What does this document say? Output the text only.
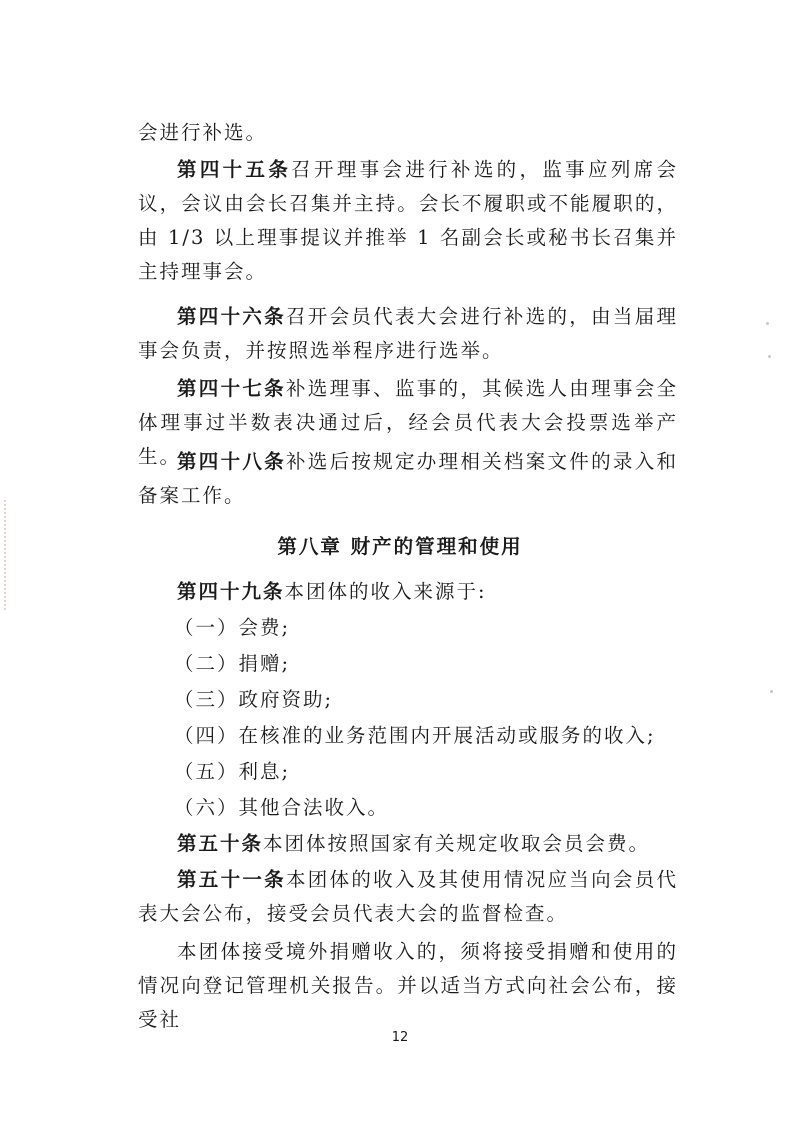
会进行补选。

第四十五条召开理事会进行补选的，监事应列席会议，会议由会长召集并主持。会长不履职或不能履职的，由 1/3 以上理事提议并推举 1 名副会长或秘书长召集并主持理事会。

第四十六条召开会员代表大会进行补选的，由当届理事会负责，并按照选举程序进行选举。

第四十七条补选理事、监事的，其候选人由理事会全体理事过半数表决通过后，经会员代表大会投票选举产生。

第四十八条补选后按规定办理相关档案文件的录入和备案工作。

第八章 财产的管理和使用

第四十九条本团体的收入来源于:

（一）会费;

（二）捐赠;

（三）政府资助;

（四）在核准的业务范围内开展活动或服务的收入;

（五）利息;

（六）其他合法收入。

第五十条本团体按照国家有关规定收取会员会费。

第五十一条本团体的收入及其使用情况应当向会员代表大会公布，接受会员代表大会的监督检查。

本团体接受境外捐赠收入的，须将接受捐赠和使用的情况向登记管理机关报告。并以适当方式向社会公布，接受社

12
